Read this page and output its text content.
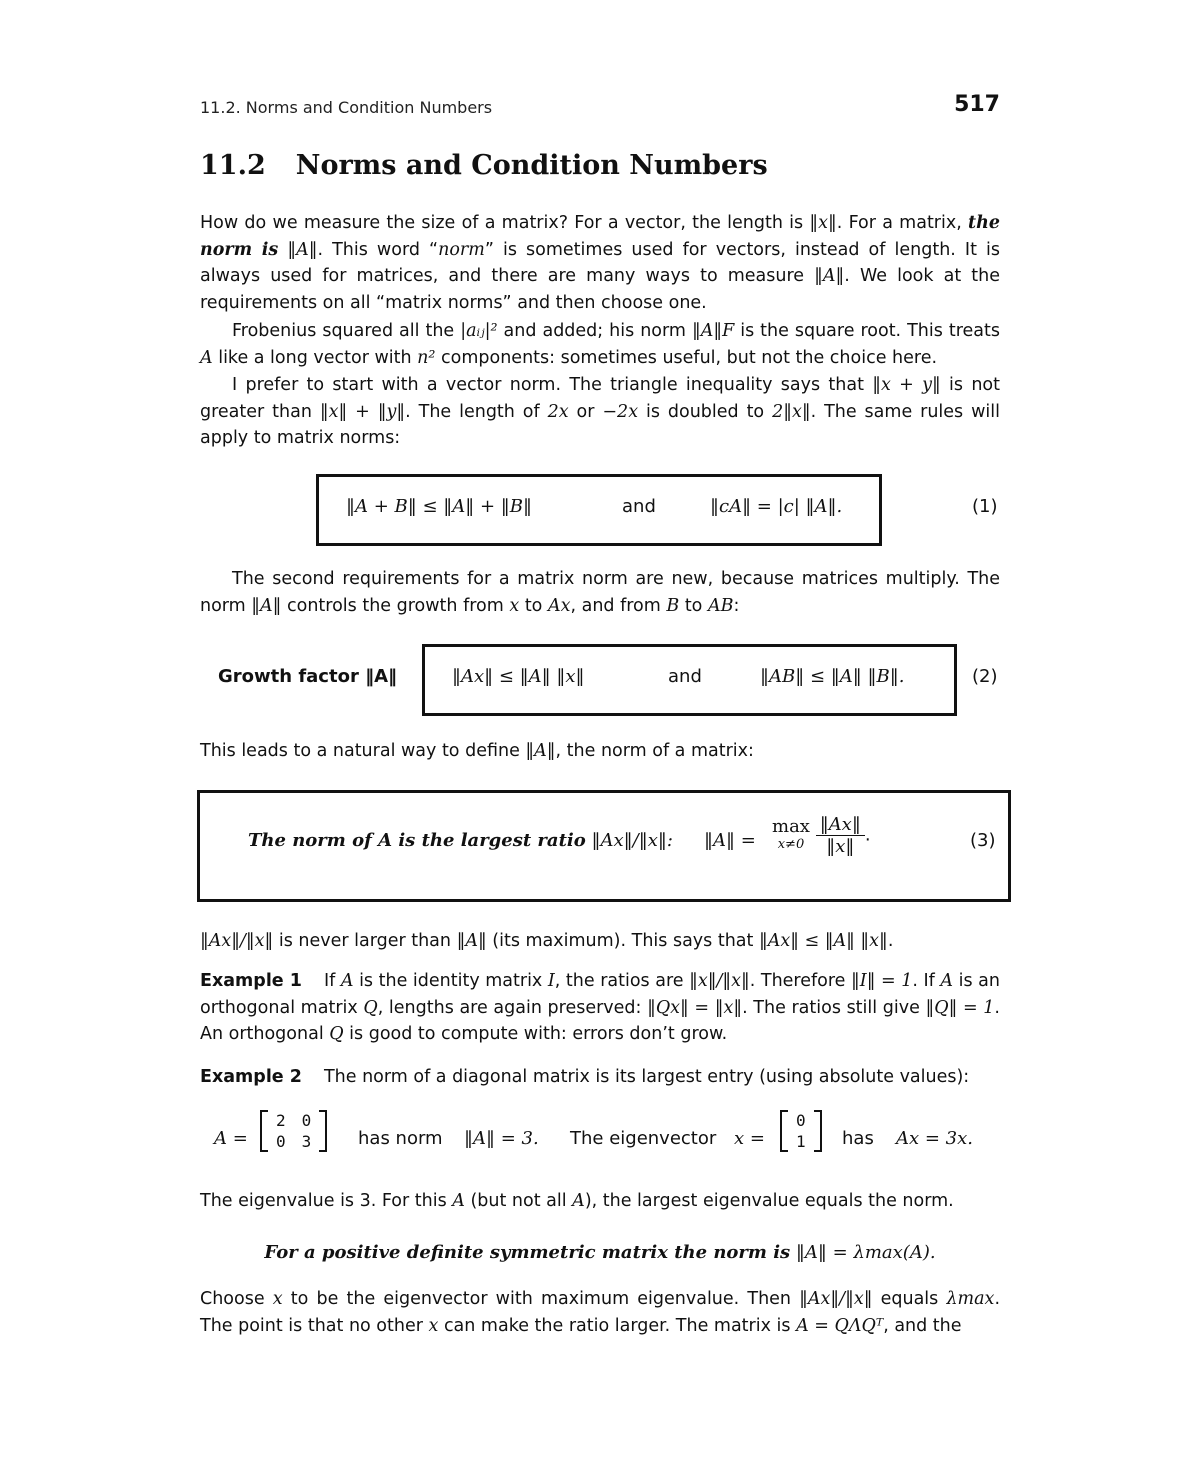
11.2. Norms and Condition Numbers	517
11.2 Norms and Condition Numbers

How do we measure the size of a matrix? For a vector, the length is ‖x‖. For a matrix, the norm is ‖A‖. This word “norm” is sometimes used for vectors, instead of length. It is always used for matrices, and there are many ways to measure ‖A‖. We look at the requirements on all “matrix norms” and then choose one.

Frobenius squared all the |aᵢⱼ|² and added; his norm ‖A‖F is the square root. This treats A like a long vector with n² components: sometimes useful, but not the choice here.

I prefer to start with a vector norm. The triangle inequality says that ‖x + y‖ is not greater than ‖x‖ + ‖y‖. The length of 2x or −2x is doubled to 2‖x‖. The same rules will apply to matrix norms:

‖A + B‖ ≤ ‖A‖ + ‖B‖	and	‖cA‖ = |c| ‖A‖.	(1)

The second requirements for a matrix norm are new, because matrices multiply. The norm ‖A‖ controls the growth from x to Ax, and from B to AB:

Growth factor ‖A‖	‖Ax‖ ≤ ‖A‖ ‖x‖	and	‖AB‖ ≤ ‖A‖ ‖B‖.	(2)

This leads to a natural way to define ‖A‖, the norm of a matrix:

The norm of A is the largest ratio ‖Ax‖/‖x‖: ‖A‖ =
max
x≠0
$\frac{‖Ax‖}{‖x‖}$ .	(3)

‖Ax‖/‖x‖ is never larger than ‖A‖ (its maximum). This says that ‖Ax‖ ≤ ‖A‖ ‖x‖.

Example 1 If A is the identity matrix I, the ratios are ‖x‖/‖x‖. Therefore ‖I‖ = 1. If A is an orthogonal matrix Q, lengths are again preserved: ‖Qx‖ = ‖x‖. The ratios still give ‖Q‖ = 1. An orthogonal Q is good to compute with: errors don’t grow.

Example 2 The norm of a diagonal matrix is its largest entry (using absolute values):

A =
2	0
0	3	has norm ‖A‖ = 3. The eigenvector x =
0
1 has Ax = 3x.

The eigenvalue is 3. For this A (but not all A), the largest eigenvalue equals the norm.

For a positive definite symmetric matrix the norm is ‖A‖ = λmax(A).

Choose x to be the eigenvector with maximum eigenvalue. Then ‖Ax‖/‖x‖ equals λmax. The point is that no other x can make the ratio larger. The matrix is A = QΛQᵀ, and the
